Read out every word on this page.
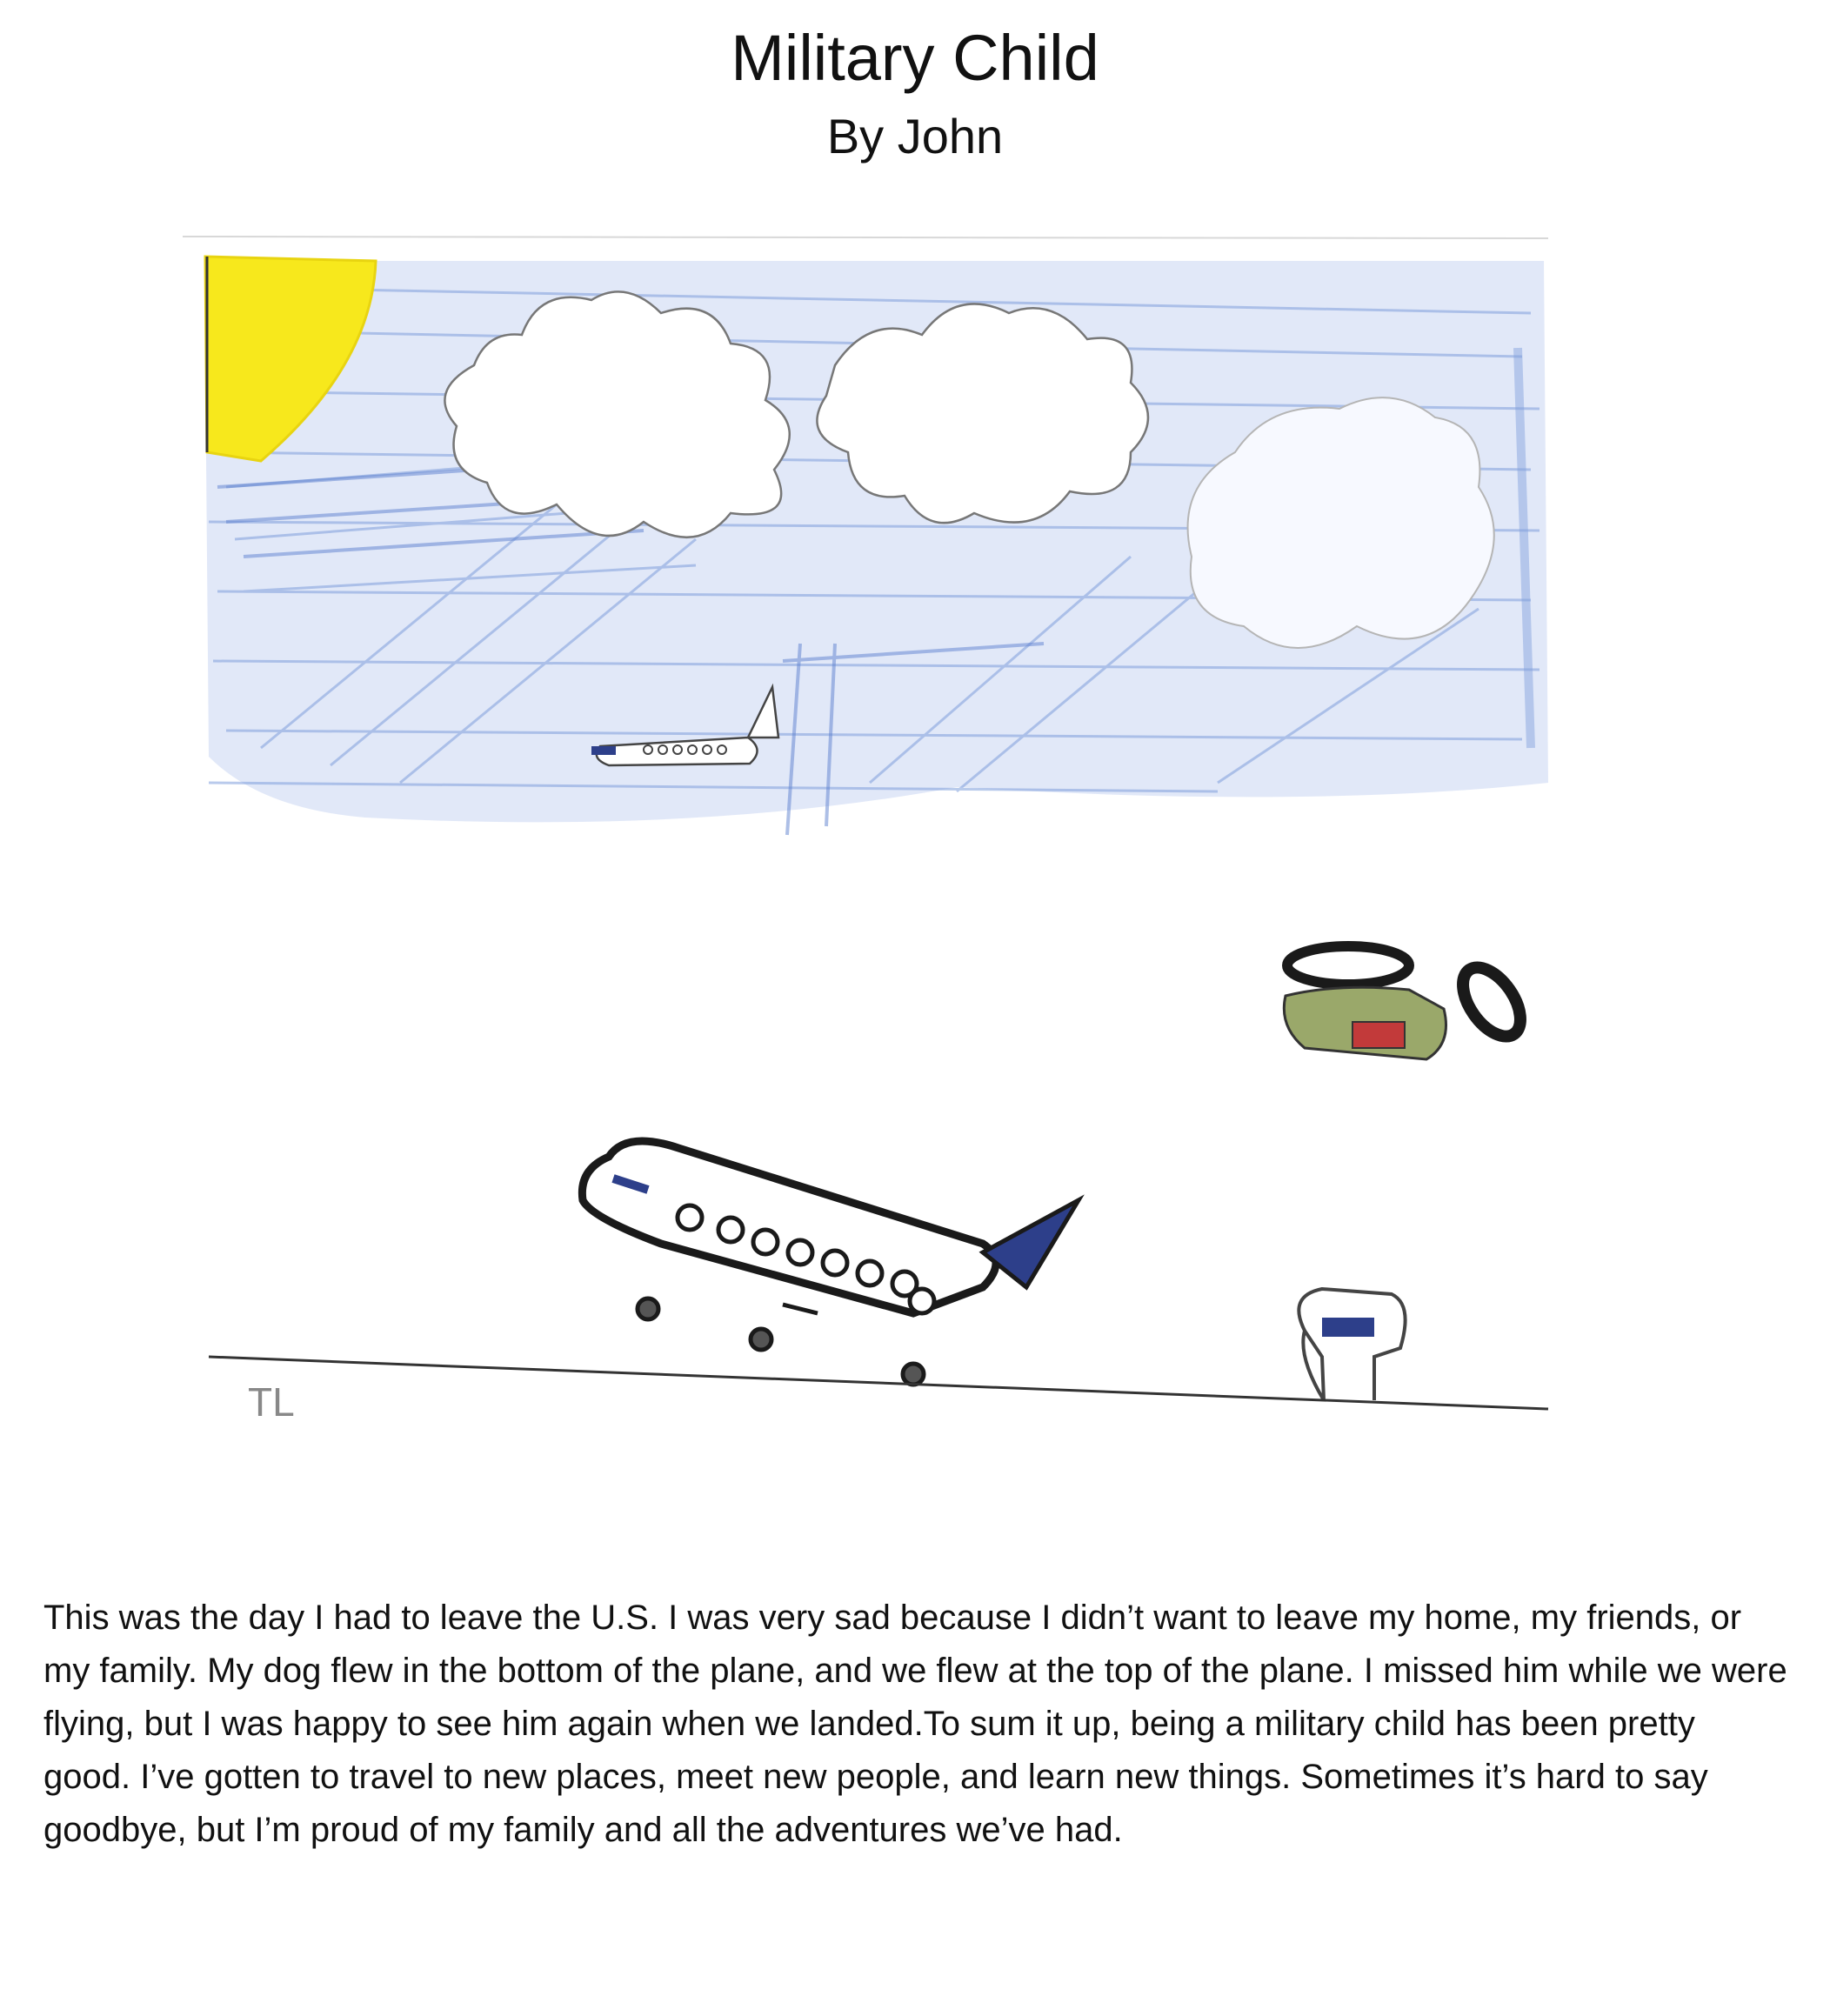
Military Child
By John
TL

This was the day I had to leave the U.S. I was very sad because I didn’t want to leave my home, my friends, or my family. My dog flew in the bottom of the plane, and we flew at the top of the plane. I missed him while we were flying, but I was happy to see him again when we landed.To sum it up, being a military child has been pretty good. I’ve gotten to travel to new places, meet new people, and learn new things. Sometimes it’s hard to say goodbye, but I’m proud of my family and all the adventures we’ve had.
